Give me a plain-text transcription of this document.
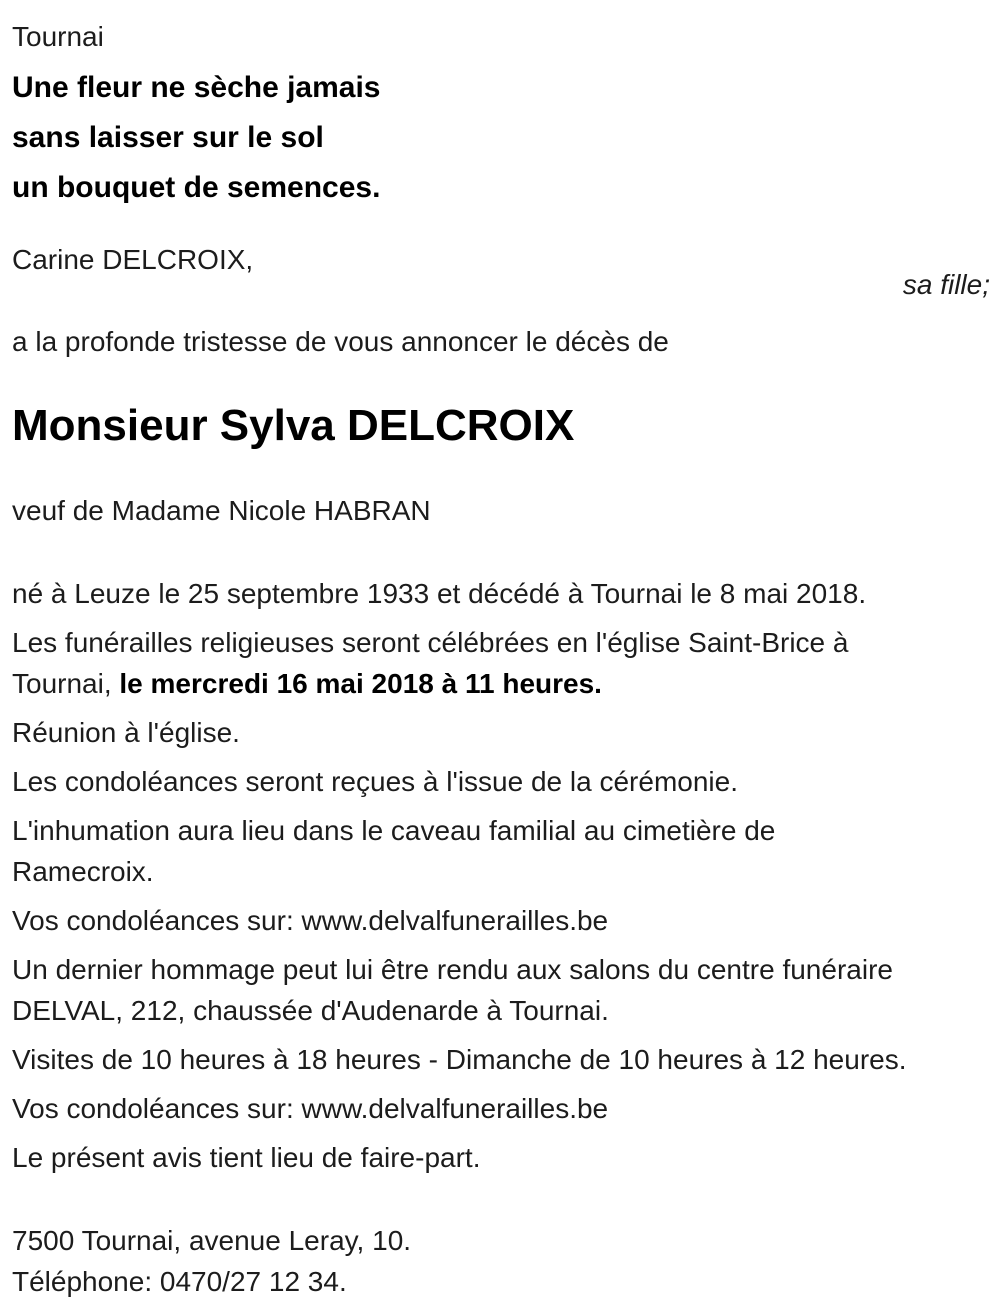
Tournai

Une fleur ne sèche jamais

sans laisser sur le sol

un bouquet de semences.

Carine DELCROIX,

sa fille;

a la profonde tristesse de vous annoncer le décès de

Monsieur Sylva DELCROIX

veuf de Madame Nicole HABRAN

né à Leuze le 25 septembre 1933 et décédé à Tournai le 8 mai 2018.

Les funérailles religieuses seront célébrées en l'église Saint-Brice à
Tournai, le mercredi 16 mai 2018 à 11 heures.

Réunion à l'église.

Les condoléances seront reçues à l'issue de la cérémonie.

L'inhumation aura lieu dans le caveau familial au cimetière de
Ramecroix.

Vos condoléances sur: www.delvalfunerailles.be

Un dernier hommage peut lui être rendu aux salons du centre funéraire
DELVAL, 212, chaussée d'Audenarde à Tournai.

Visites de 10 heures à 18 heures - Dimanche de 10 heures à 12 heures.

Vos condoléances sur: www.delvalfunerailles.be

Le présent avis tient lieu de faire-part.

7500 Tournai, avenue Leray, 10.
Téléphone: 0470/27 12 34.
